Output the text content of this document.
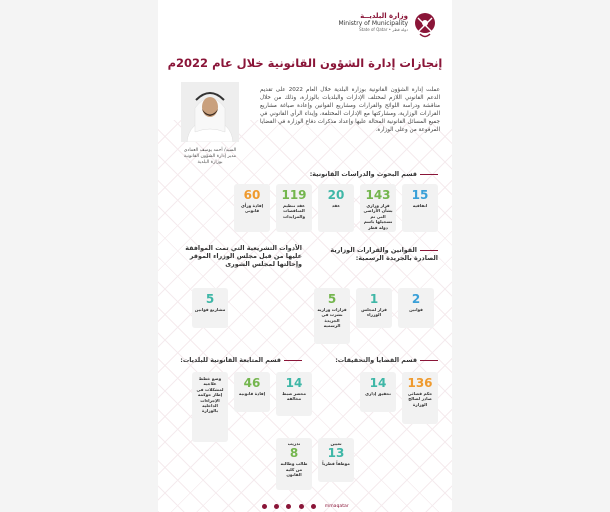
وزارة البلديــة
Ministry of Municipality
State of Qatar • دولة قطر
إنجازات إدارة الشؤون القانونية خلال عام 2022م
عملت إدارة الشؤون القانونية بوزارة البلدية خلال العام 2022 على تقديم الدعم القانوني اللازم لمختلف الإدارات والبلديات بالوزارة، وذلك من خلال مناقشة ودراسة اللوائح والقرارات ومشاريع القوانين وإعادة صياغة مشاريع القرارات الوزارية، ومشاركتها مع الإدارات المختلفة، وإبداء الرأي القانوني في جميع المسائل القانونية المحالة عليها وإعداد مذكرات دفاع الوزارة في القضايا المرفوعة من وعلى الوزارة.
السيد/ أحمد يوسف العمادي
مدير إدارة الشؤون القانونية
بوزارة البلدية
قسم البحوث والدراسات القانونية:
15
اتفاقية
143
قرار وزاري بشأن الأراضي التي تم تسجيلها باسم دولة قطر
20
عقد
119
عقد تنظيم المناقصات والمزايدات
60
إفادة ورأي قانوني
القوانين والقرارات الوزارية الصادرة بالجريدة الرسمية:
2
قوانين
1
قرار لمجلس الوزراء
5
قرارات وزارية نشرت في الجريدة الرسمية
الأدوات التشريعية التي تمت الموافقة عليها من قبل مجلس الوزراء الموقر وإحالتها لمجلس الشورى
5
مشاريع قوانين
قسم القضايا والتحقيقات:
136
حكم قضائي صادر لصالح الوزارة
14
تحقيق إداري
تعيين
13
موظفاً قطرياً
قسم المتابعة القانونية للبلديات:
14
محضر ضبط مخالفة
46
إفادة قانونية
وضع خطط علاجية لمشكلات في إطار حوكمة الإجراءات الداخلية بالوزارة
تدريب
8
طالب وطالبة من كلية القانون
mmaqatar
